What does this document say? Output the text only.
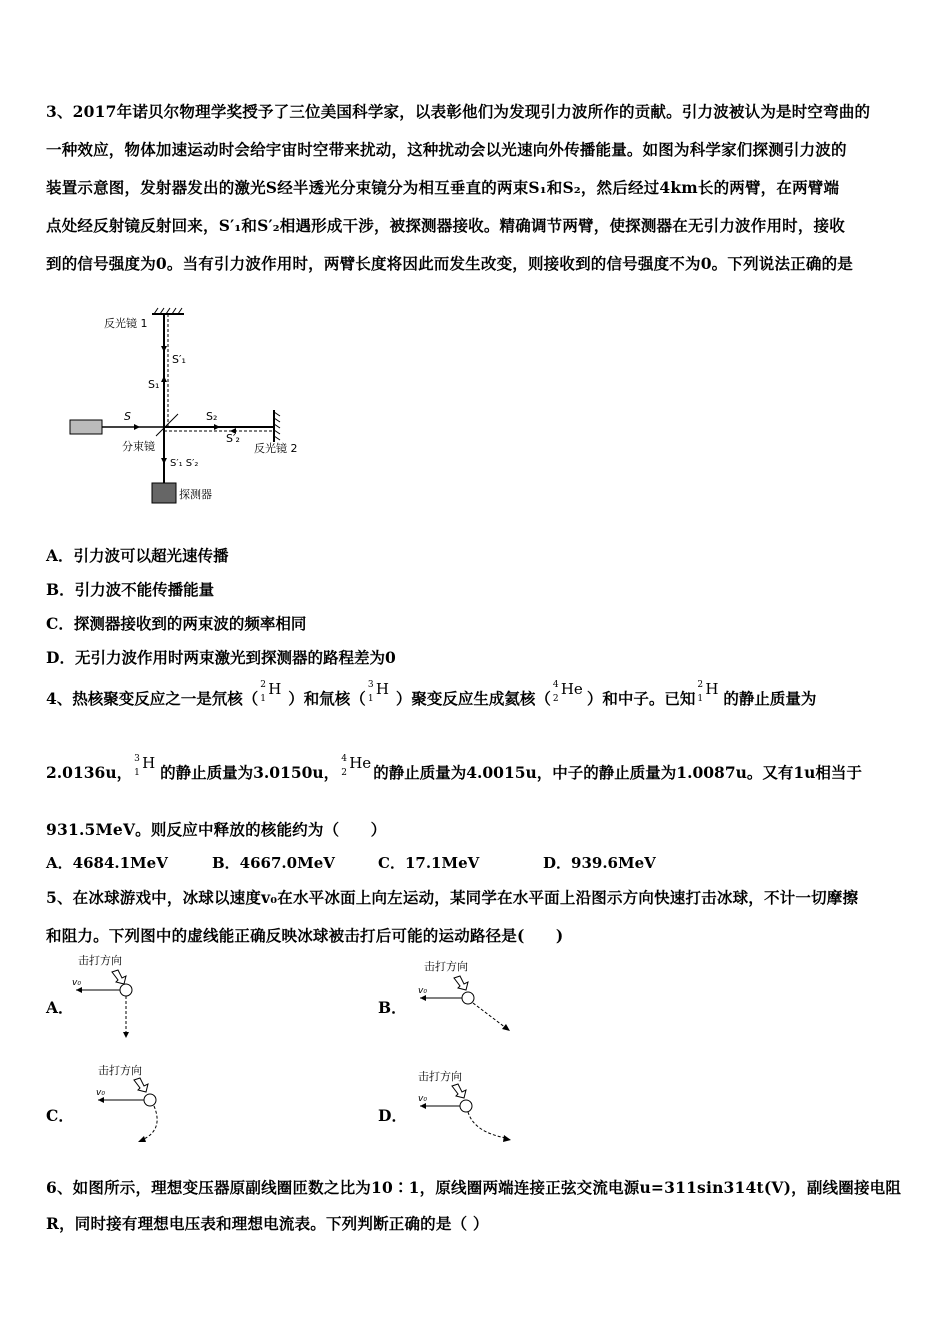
3、2017年诺贝尔物理学奖授予了三位美国科学家，以表彰他们为发现引力波所作的贡献。引力波被认为是时空弯曲的
一种效应，物体加速运动时会给宇宙时空带来扰动，这种扰动会以光速向外传播能量。如图为科学家们探测引力波的
装置示意图，发射器发出的激光S经半透光分束镜分为相互垂直的两束S₁和S₂，然后经过4km长的两臂，在两臂端
点处经反射镜反射回来，S′₁和S′₂相遇形成干涉，被探测器接收。精确调节两臂，使探测器在无引力波作用时，接收
到的信号强度为0。当有引力波作用时，两臂长度将因此而发生改变，则接收到的信号强度不为0。下列说法正确的是
反光镜 1
S′₁
S₁
S
分束镜
S₂
S′₂
反光镜 2
S′₁ S′₂
探测器
A．引力波可以超光速传播
B．引力波不能传播能量
C．探测器接收到的两束波的频率相同
D．无引力波作用时两束激光到探测器的路程差为0
4、热核聚变反应之一是氘核（
2
1
H ）和氚核（
3
1
H ）聚变反应生成氦核（
4
2
He ）和中子。已知
2
1
H 的静止质量为
2.0136u，
3
1
H 的静止质量为3.0150u，
4
2
He 的静止质量为4.0015u，中子的静止质量为1.0087u。又有1u相当于
931.5MeV。则反应中释放的核能约为（　　）
A．4684.1MeV	B．4667.0MeV	C．17.1MeV	D．939.6MeV
5、在冰球游戏中，冰球以速度v₀在水平冰面上向左运动，某同学在水平面上沿图示方向快速打击冰球，不计一切摩擦
和阻力。下列图中的虚线能正确反映冰球被击打后可能的运动路径是(　　)
A．	B．
C．	D．
击打方向
v₀
击打方向
v₀
击打方向
v₀
击打方向
v₀
6、如图所示，理想变压器原副线圈匝数之比为10∶1，原线圈两端连接正弦交流电源u=311sin314t(V)，副线圈接电阻
R，同时接有理想电压表和理想电流表。下列判断正确的是（ ）
